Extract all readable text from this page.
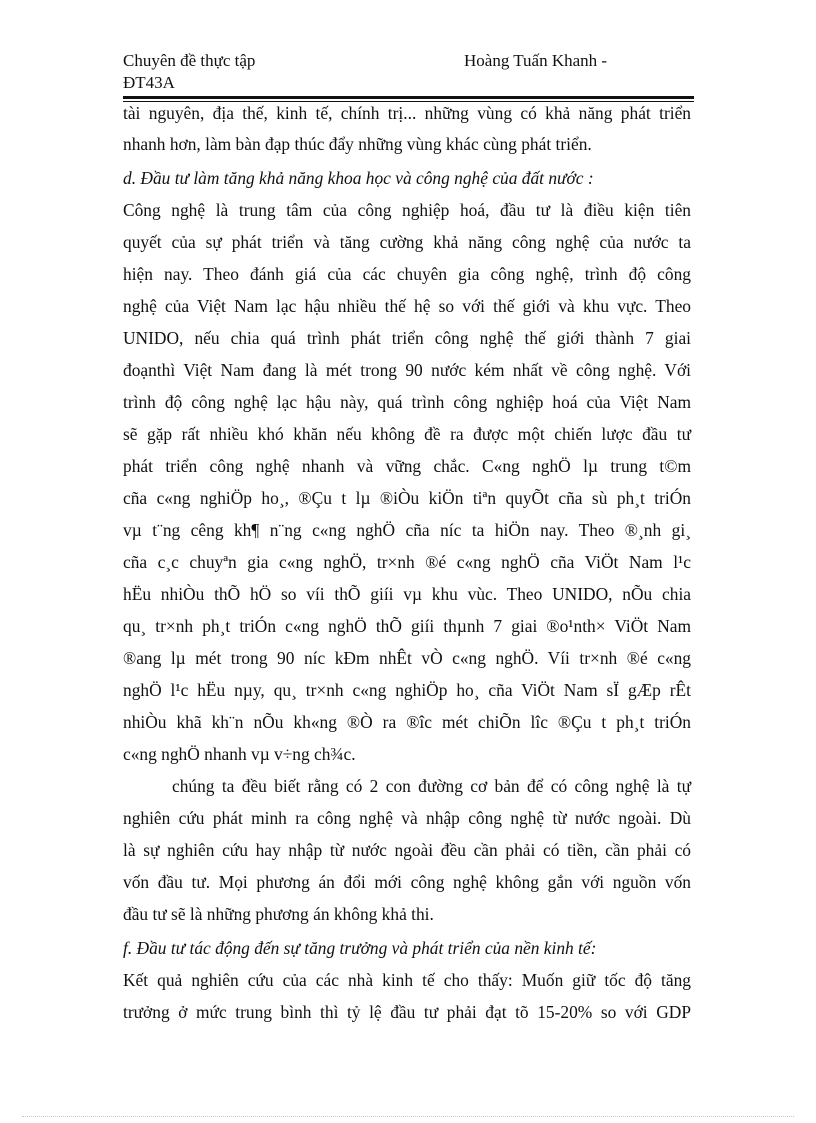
Chuyên đề thực tập	Hoàng Tuấn Khanh -
ĐT43A
tài nguyên, địa thế, kinh tế, chính trị... những vùng có khả năng phát triển
nhanh hơn, làm bàn đạp thúc đẩy những vùng khác cùng phát triển.
d. Đầu tư làm tăng khả năng khoa học và công nghệ của đất nước :
Công nghệ là trung tâm của công nghiệp hoá, đầu tư là điều kiện tiên
quyết của sự phát triển và tăng cường khả năng công nghệ của nước ta
hiện nay. Theo đánh giá của các chuyên gia công nghệ, trình độ công
nghệ của Việt Nam lạc hậu nhiều thế hệ so với thế giới và khu vực. Theo
UNIDO, nếu chia quá trình phát triển công nghệ thế giới thành 7 giai
đoạnthì Việt Nam đang là mét trong 90 nước kém nhất về công nghệ. Với
trình độ công nghệ lạc hậu này, quá trình công nghiệp hoá của Việt Nam
sẽ gặp rất nhiều khó khăn nếu không đề ra được một chiến lược đầu tư
phát triển công nghệ nhanh và vững chắc. C«ng nghÖ lµ trung t©m
cña c«ng nghiÖp ho¸, ®Çu t lµ ®iÒu kiÖn tiªn quyÕt cña sù ph¸t triÓn
vµ t¨ng cêng kh¶ n¨ng c«ng nghÖ cña níc ta hiÖn nay. Theo ®¸nh gi¸
cña c¸c chuyªn gia c«ng nghÖ, tr×nh ®é c«ng nghÖ cña ViÖt Nam l¹c
hËu nhiÒu thÕ hÖ so víi thÕ giíi vµ khu vùc. Theo UNIDO, nÕu chia
qu¸ tr×nh ph¸t triÓn c«ng nghÖ thÕ giíi thµnh 7 giai ®o¹nth× ViÖt Nam
®ang lµ mét trong 90 níc kÐm nhÊt vÒ c«ng nghÖ. Víi tr×nh ®é c«ng
nghÖ l¹c hËu nµy, qu¸ tr×nh c«ng nghiÖp ho¸ cña ViÖt Nam sÏ gÆp rÊt
nhiÒu khã kh¨n nÕu kh«ng ®Ò ra ®îc mét chiÕn lîc ®Çu t ph¸t triÓn
c«ng nghÖ nhanh vµ v÷ng ch¾c.
chúng ta đều biết rằng có 2 con đường cơ bản để có công nghệ là tự
nghiên cứu phát minh ra công nghệ và nhập công nghệ từ nước ngoài. Dù
là sự nghiên cứu hay nhập từ nước ngoài đều cần phải có tiền, cần phải có
vốn đầu tư. Mọi phương án đổi mới công nghệ không gắn với nguồn vốn
đầu tư sẽ là những phương án không khả thi.
f. Đầu tư tác động đến sự tăng trưởng và phát triển của nền kinh tế:
Kết quả nghiên cứu của các nhà kinh tế cho thấy: Muốn giữ tốc độ tăng
trưởng ở mức trung bình thì tỷ lệ đầu tư phải đạt tõ 15-20% so với GDP
